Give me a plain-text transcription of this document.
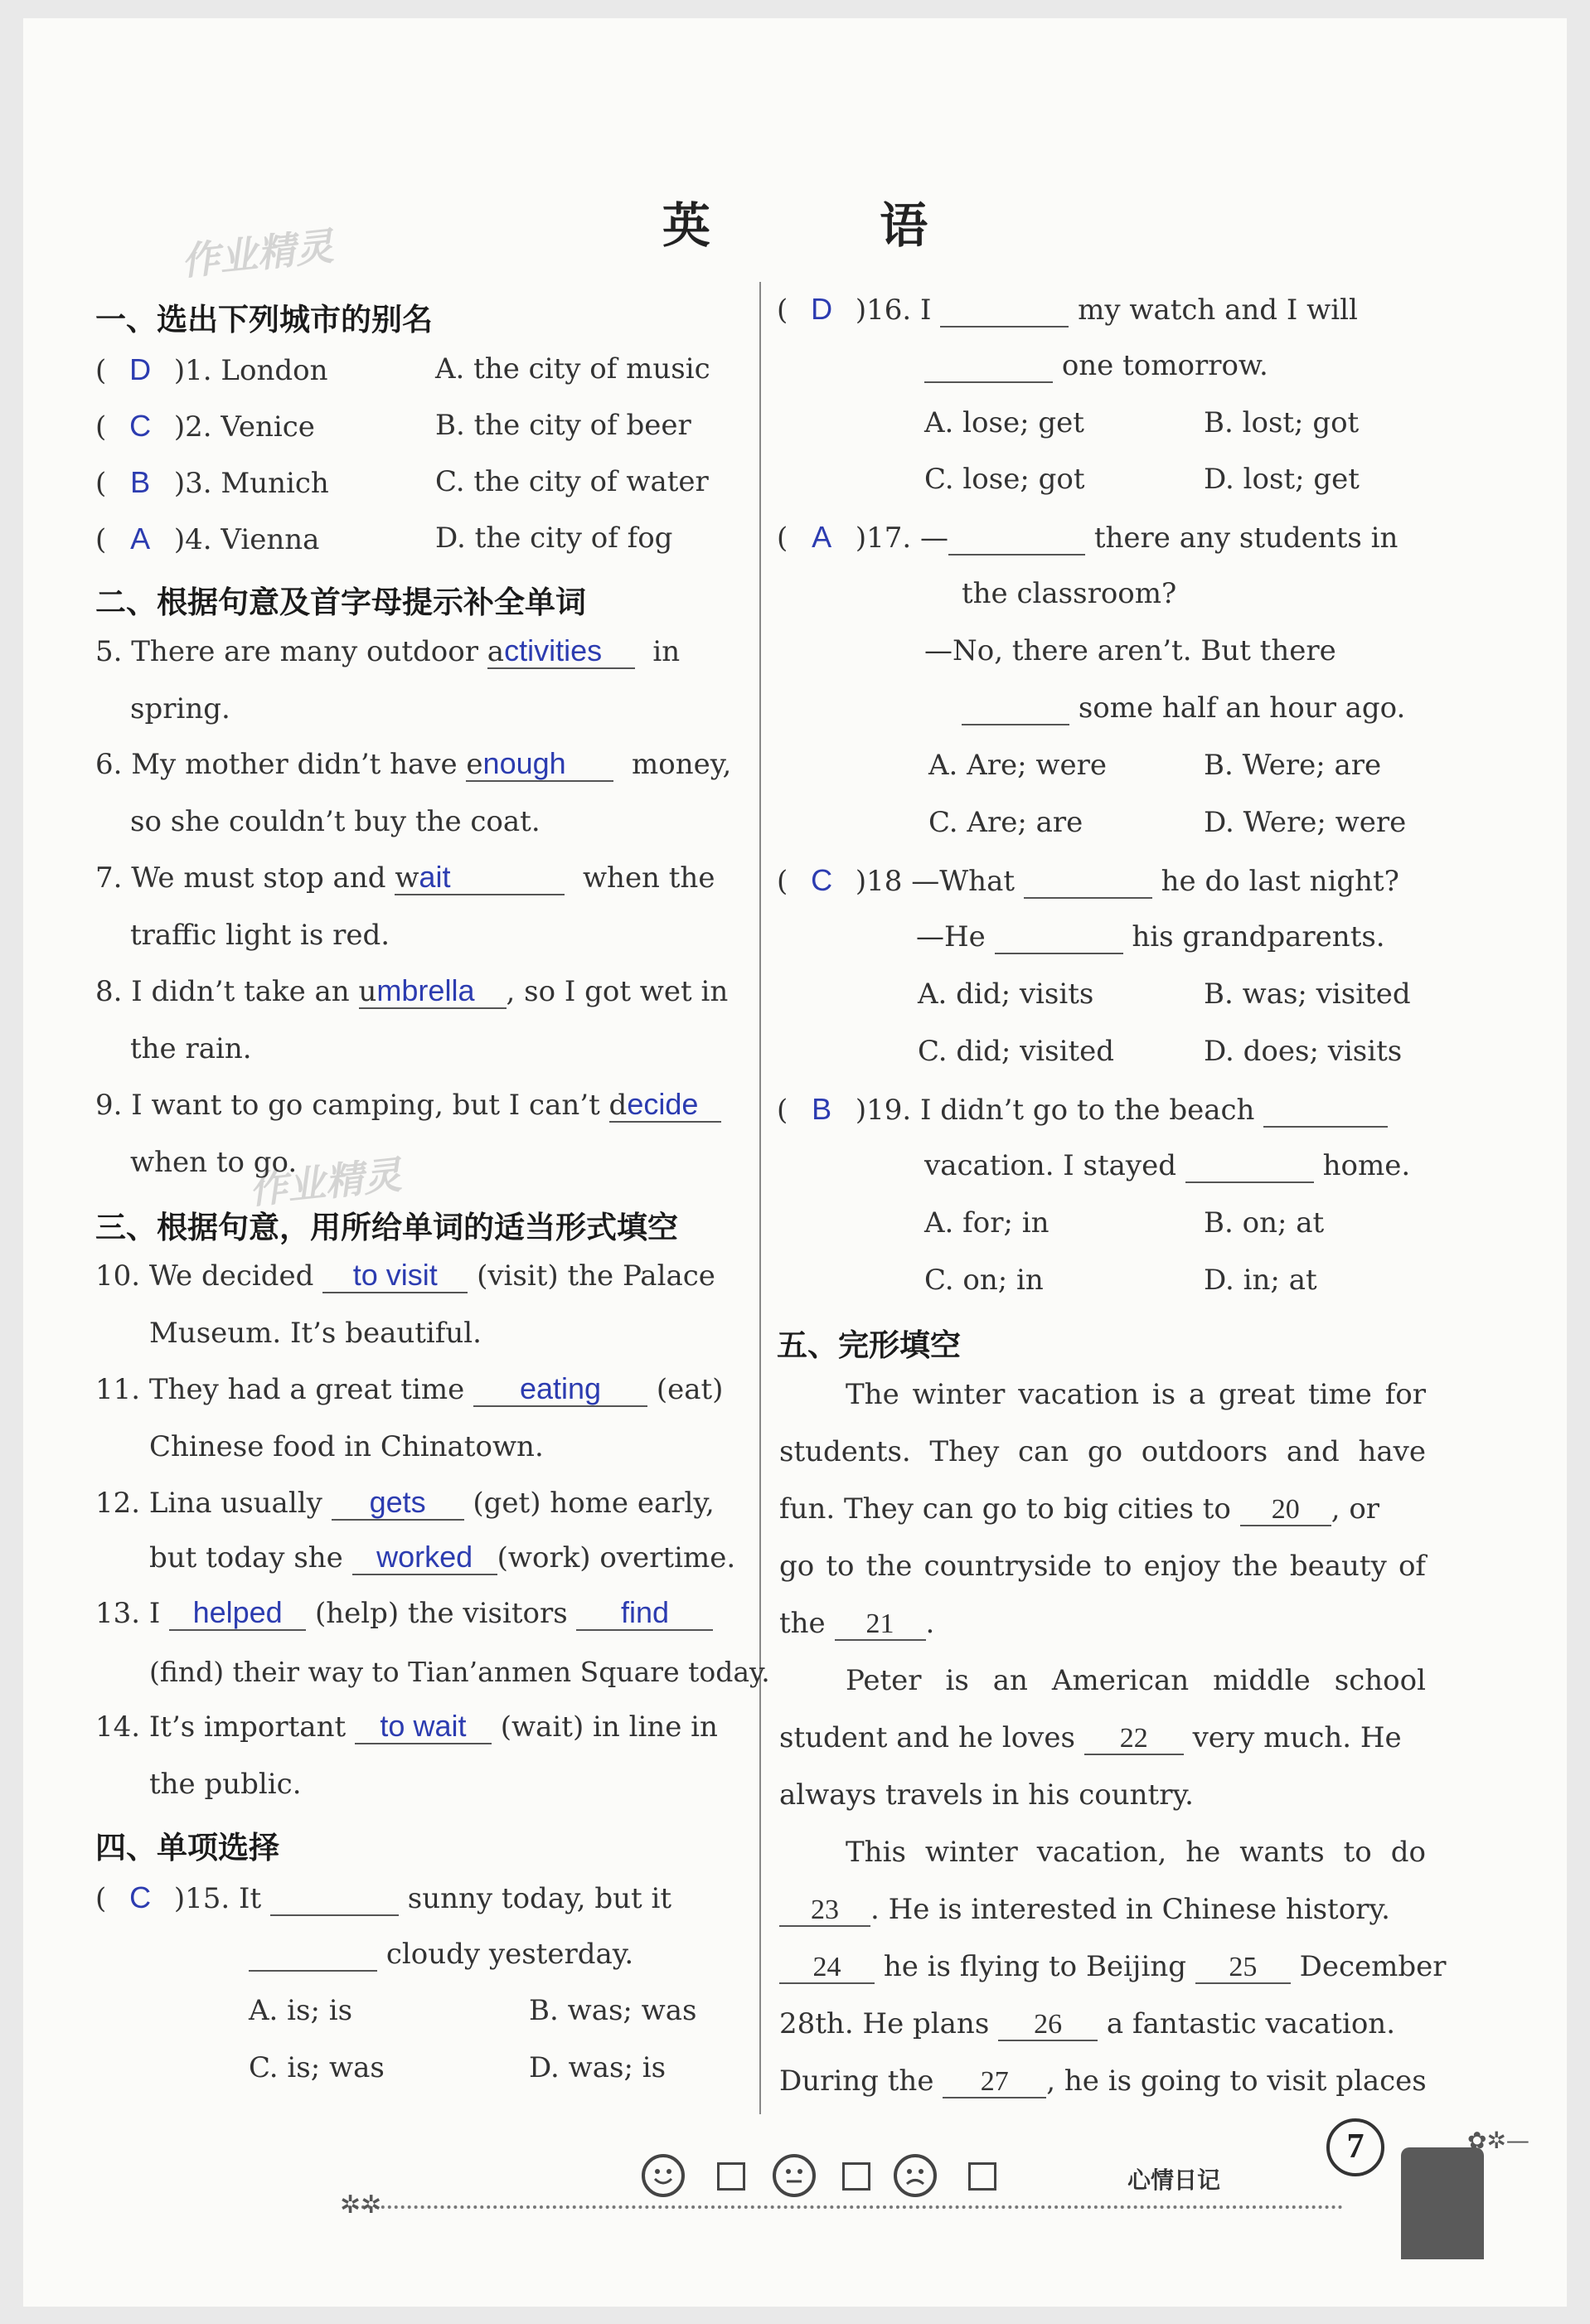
英 语
作业精灵
作业精灵
一、选出下列城市的别名
( D )1. London	A. the city of music
( C )2. Venice	B. the city of beer
( B )3. Munich	C. the city of water
( A )4. Vienna	D. the city of fog
二、根据句意及首字母提示补全单词
5. There are many outdoor activities in
spring.
6. My mother didn’t have enough money,
so she couldn’t buy the coat.
7. We must stop and wait	when the
traffic light is red.
8. I didn’t take an umbrella , so I got wet in
the rain.
9. I want to go camping, but I can’t decide
when to go.
三、根据句意，用所给单词的适当形式填空
10. We decided to visit (visit) the Palace
Museum. It’s beautiful.
11. They had a great time eating (eat)
Chinese food in Chinatown.
12. Lina usually gets (get) home early,
but today she worked (work) overtime.
13. I helped (help) the visitors find
(find) their way to Tian’anmen Square today.
14. It’s important to wait (wait) in line in
the public.
四、单项选择
( C )15. It	sunny today, but it
cloudy yesterday.
A. is; is	B. was; was
C. is; was	D. was; is
( D )16. I	my watch and I will
one tomorrow.
A. lose; get	B. lost; got
C. lose; got	D. lost; get
( A )17. —	there any students in
the classroom?
—No, there aren’t. But there
some half an hour ago.
A. Are; were	B. Were; are
C. Are; are	D. Were; were
( C )18 —What	he do last night?
—He	his grandparents.
A. did; visits	B. was; visited
C. did; visited	D. does; visits
( B )19. I didn’t go to the beach
vacation. I stayed	home.
A. for; in	B. on; at
C. on; in	D. in; at
五、完形填空
The winter vacation is a great time for
students. They can go outdoors and have
fun. They can go to big cities to 20 , or
go to the countryside to enjoy the beauty of
the 21 .
Peter is an American middle school
student and he loves 22 very much. He
always travels in his country.
This winter vacation, he wants to do
23 . He is interested in Chinese history.
24 he is flying to Beijing 25 December
28th. He plans 26 a fantastic vacation.
During the 27 , he is going to visit places
✲✲
心情日记
7	✿✲—
